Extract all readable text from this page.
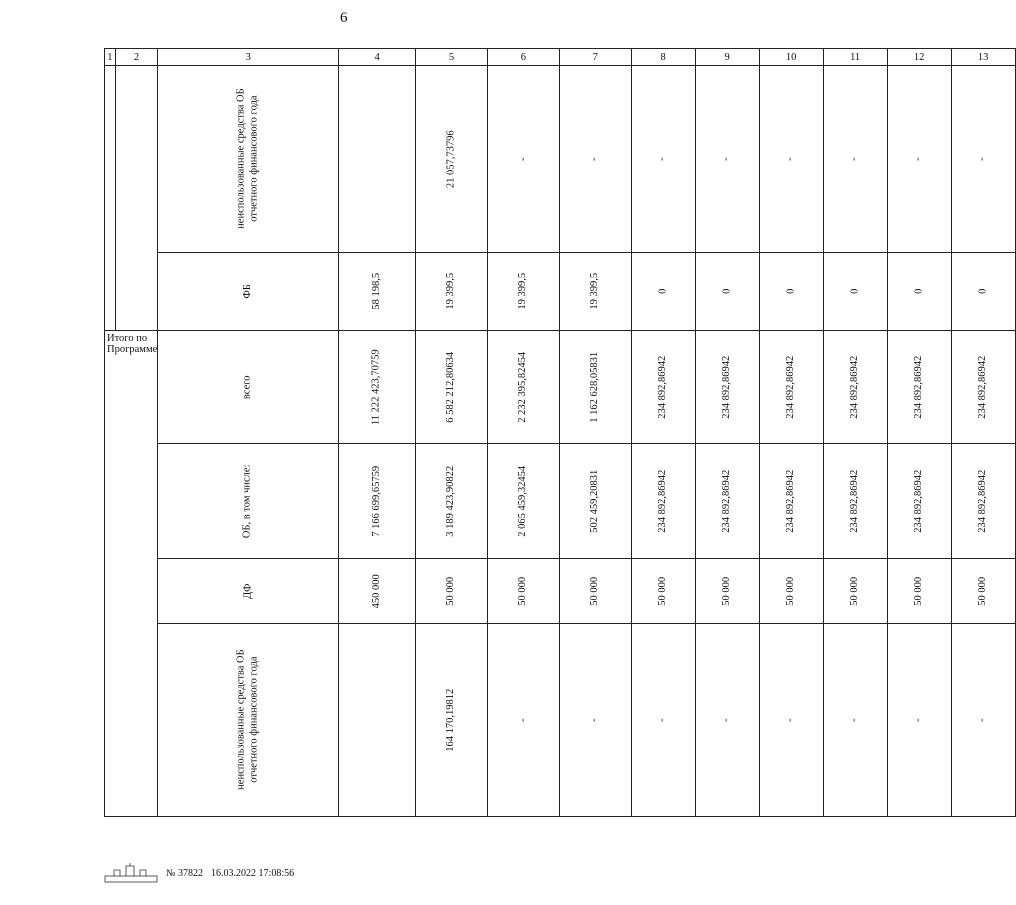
6
1	2	3	4	5	6	7	8	9	10	11	12	13
		неиспользованные средства ОБ отчетного финансового года		21 057,73796	-	-	-	-	-	-	-	-
		ФБ	58 198,5	19 399,5	19 399,5	19 399,5	0	0	0	0	0	0
Итого по Программе		всего	11 222 423,70759	6 582 212,80634	2 232 395,82454	1 162 628,05831	234 892,86942	234 892,86942	234 892,86942	234 892,86942	234 892,86942	234 892,86942
		ОБ, в том числе:	7 166 699,65759	3 189 423,90822	2 065 459,32454	502 459,20831	234 892,86942	234 892,86942	234 892,86942	234 892,86942	234 892,86942	234 892,86942
		ДФ	450 000	50 000	50 000	50 000	50 000	50 000	50 000	50 000	50 000	50 000
		неиспользованные средства ОБ отчетного финансового года		164 170,19812	-	-	-	-	-	-	-	-
№ 37822 16.03.2022 17:08:56
